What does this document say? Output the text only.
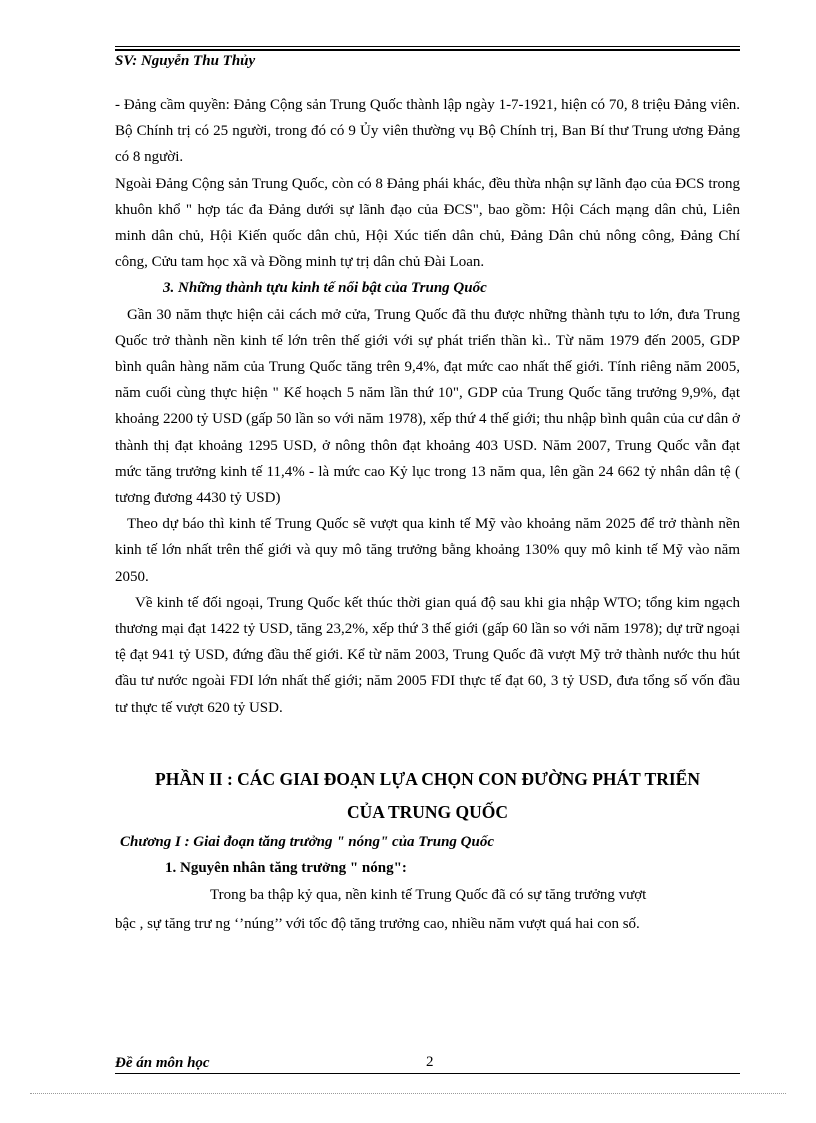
SV: Nguyễn Thu Thủy

- Đảng cầm quyền: Đảng Cộng sản Trung Quốc thành lập ngày 1-7-1921, hiện có 70, 8 triệu Đảng viên. Bộ Chính trị có 25 người, trong đó có 9 Ủy viên thường vụ Bộ Chính trị, Ban Bí thư Trung ương Đảng có 8 người.

Ngoài Đảng Cộng sản Trung Quốc, còn có 8 Đảng phái khác, đều thừa nhận sự lãnh đạo của ĐCS trong khuôn khổ " hợp tác đa Đảng dưới sự lãnh đạo của ĐCS", bao gồm: Hội Cách mạng dân chủ, Liên minh dân chủ, Hội Kiến quốc dân chủ, Hội Xúc tiến dân chủ, Đảng Dân chủ nông công, Đảng Chí công, Cửu tam học xã và Đồng minh tự trị dân chủ Đài Loan.

3. Những thành tựu kinh tế nổi bật của Trung Quốc

Gần 30 năm thực hiện cải cách mở cửa, Trung Quốc đã thu được những thành tựu to lớn, đưa Trung Quốc trở thành nền kinh tế lớn trên thế giới với sự phát triển thần kì.. Từ năm 1979 đến 2005, GDP bình quân hàng năm của Trung Quốc tăng trên 9,4%, đạt mức cao nhất thế giới. Tính riêng năm 2005, năm cuối cùng thực hiện " Kế hoạch 5 năm lần thứ 10", GDP của Trung Quốc tăng trưởng 9,9%, đạt khoảng 2200 tỷ USD (gấp 50 lần so với năm 1978), xếp thứ 4 thế giới; thu nhập bình quân của cư dân ở thành thị đạt khoảng 1295 USD, ở nông thôn đạt khoảng 403 USD. Năm 2007, Trung Quốc vẫn đạt mức tăng trưởng kinh tế 11,4% - là mức cao Kỷ lục trong 13 năm qua, lên gần 24 662 tỷ nhân dân tệ ( tương đương 4430 tỷ USD)

Theo dự báo thì kinh tế Trung Quốc sẽ vượt qua kinh tế Mỹ vào khoảng năm 2025 để trở thành nền kinh tế lớn nhất trên thế giới và quy mô tăng trưởng bằng khoảng 130% quy mô kinh tế Mỹ vào năm 2050.

Về kinh tế đối ngoại, Trung Quốc kết thúc thời gian quá độ sau khi gia nhập WTO; tổng kim ngạch thương mại đạt 1422 tỷ USD, tăng 23,2%, xếp thứ 3 thế giới (gấp 60 lần so với năm 1978); dự trữ ngoại tệ đạt 941 tỷ USD, đứng đầu thế giới. Kể từ năm 2003, Trung Quốc đã vượt Mỹ trở thành nước thu hút đầu tư nước ngoài FDI lớn nhất thế giới; năm 2005 FDI thực tế đạt 60, 3 tỷ USD, đưa tổng số vốn đầu tư thực tế vượt 620 tỷ USD.

PHẦN II : CÁC GIAI ĐOẠN LỰA CHỌN CON ĐƯỜNG PHÁT TRIỂN
CỦA TRUNG QUỐC

Chương I : Giai đoạn tăng trưởng " nóng" của Trung Quốc

1. Nguyên nhân tăng trưởng " nóng":

Trong ba thập kỷ qua, nền kinh tế Trung Quốc đã có sự tăng trưởng vượt

bậc , sự tăng trư ng ‘’núng’’ với tốc độ tăng trưởng cao, nhiều năm vượt quá hai con số.

Đề án môn học	2
